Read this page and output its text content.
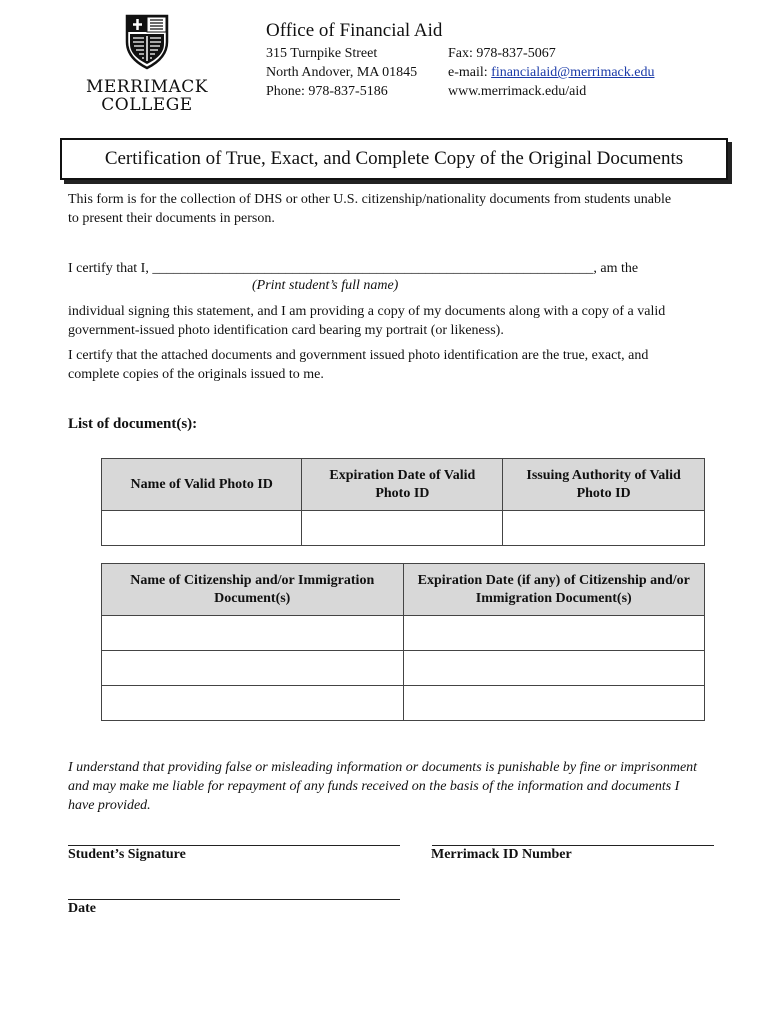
MERRIMACK
COLLEGE
Office of Financial Aid
315 Turnpike Street
North Andover, MA 01845
Phone: 978-837-5186
Fax: 978-837-5067
e-mail: financialaid@merrimack.edu
www.merrimack.edu/aid
Certification of True, Exact, and Complete Copy of the Original Documents
This form is for the collection of DHS or other U.S. citizenship/nationality documents from students unable
to present their documents in person.
I certify that I, _______________________________________________________________, am the
(Print student’s full name)
individual signing this statement, and I am providing a copy of my documents along with a copy of a valid
government-issued photo identification card bearing my portrait (or likeness).
I certify that the attached documents and government issued photo identification are the true, exact, and
complete copies of the originals issued to me.
List of document(s):
Name of Valid Photo ID	Expiration Date of Valid Photo ID	Issuing Authority of Valid Photo ID

Name of Citizenship and/or Immigration Document(s)	Expiration Date (if any) of Citizenship and/or Immigration Document(s)

I understand that providing false or misleading information or documents is punishable by fine or imprisonment
and may make me liable for repayment of any funds received on the basis of the information and documents I
have provided.
Student’s Signature	Merrimack ID Number
Date
